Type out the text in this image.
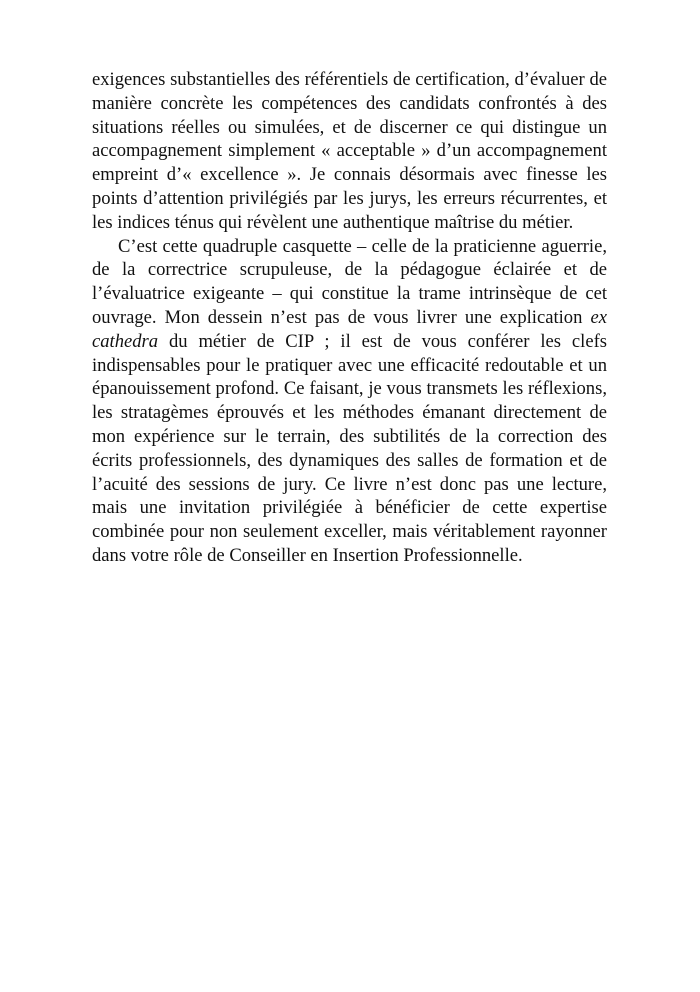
exigences substantielles des référentiels de certification, d’évaluer de manière concrète les compétences des candidats confrontés à des situations réelles ou simulées, et de discerner ce qui distingue un accompagnement simplement « acceptable » d’un accompagnement empreint d’« excellence ». Je connais désormais avec finesse les points d’attention privilégiés par les jurys, les erreurs récurrentes, et les indices ténus qui révèlent une authentique maîtrise du métier.

C’est cette quadruple casquette – celle de la praticienne aguerrie, de la correctrice scrupuleuse, de la pédagogue éclairée et de l’évaluatrice exigeante – qui constitue la trame intrinsèque de cet ouvrage. Mon dessein n’est pas de vous livrer une explication ex cathedra du métier de CIP ; il est de vous conférer les clefs indispensables pour le pratiquer avec une efficacité redoutable et un épanouissement profond. Ce faisant, je vous transmets les réflexions, les stratagèmes éprouvés et les méthodes émanant directement de mon expérience sur le terrain, des subtilités de la correction des écrits professionnels, des dynamiques des salles de formation et de l’acuité des sessions de jury. Ce livre n’est donc pas une lecture, mais une invitation privilégiée à bénéficier de cette expertise combinée pour non seulement exceller, mais véritablement rayonner dans votre rôle de Conseiller en Insertion Professionnelle.
